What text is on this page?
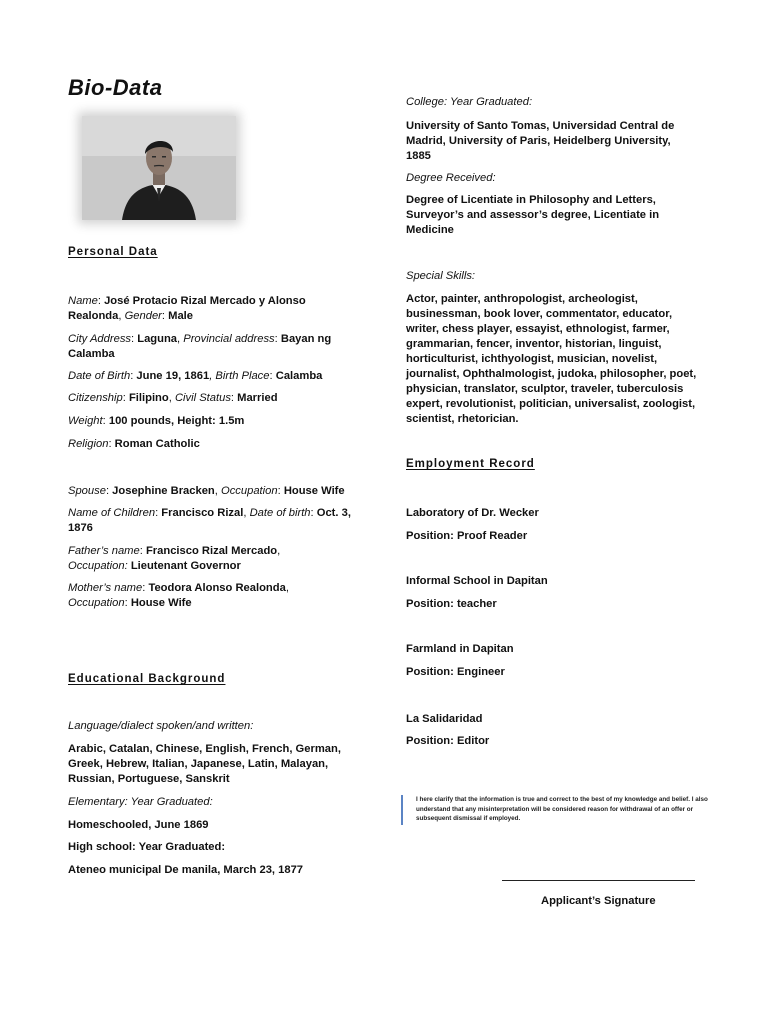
Bio-Data
Personal Data
Name: José Protacio Rizal Mercado y Alonso Realonda, Gender: Male
City Address: Laguna, Provincial address: Bayan ng Calamba
Date of Birth: June 19, 1861, Birth Place: Calamba
Citizenship: Filipino, Civil Status: Married
Weight: 100 pounds, Height: 1.5m
Religion: Roman Catholic
Spouse: Josephine Bracken, Occupation: House Wife
Name of Children: Francisco Rizal, Date of birth: Oct. 3, 1876
Father’s name: Francisco Rizal Mercado,
Occupation: Lieutenant Governor
Mother’s name: Teodora Alonso Realonda,
Occupation: House Wife
Educational Background
Language/dialect spoken/and written:
Arabic, Catalan, Chinese, English, French, German, Greek, Hebrew, Italian, Japanese, Latin, Malayan, Russian, Portuguese, Sanskrit
Elementary: Year Graduated:
Homeschooled, June 1869
High school: Year Graduated:
Ateneo municipal De manila, March 23, 1877
College: Year Graduated:
University of Santo Tomas, Universidad Central de Madrid, University of Paris, Heidelberg University, 1885
Degree Received:
Degree of Licentiate in Philosophy and Letters, Surveyor’s and assessor’s degree, Licentiate in Medicine
Special Skills:
Actor, painter, anthropologist, archeologist, businessman, book lover, commentator, educator, writer, chess player, essayist, ethnologist, farmer, grammarian, fencer, inventor, historian, linguist, horticulturist, ichthyologist, musician, novelist, journalist, Ophthalmologist, judoka, philosopher, poet, physician, translator, sculptor, traveler, tuberculosis expert, revolutionist, politician, universalist, zoologist, scientist, rhetorician.
Employment Record
Laboratory of Dr. Wecker
Position: Proof Reader
Informal School in Dapitan
Position: teacher
Farmland in Dapitan
Position: Engineer
La Salidaridad
Position: Editor
I here clarify that the information is true and correct to the best of my knowledge and belief. I also understand that any misinterpretation will be considered reason for withdrawal of an offer or subsequent dismissal if employed.
Applicant’s Signature
